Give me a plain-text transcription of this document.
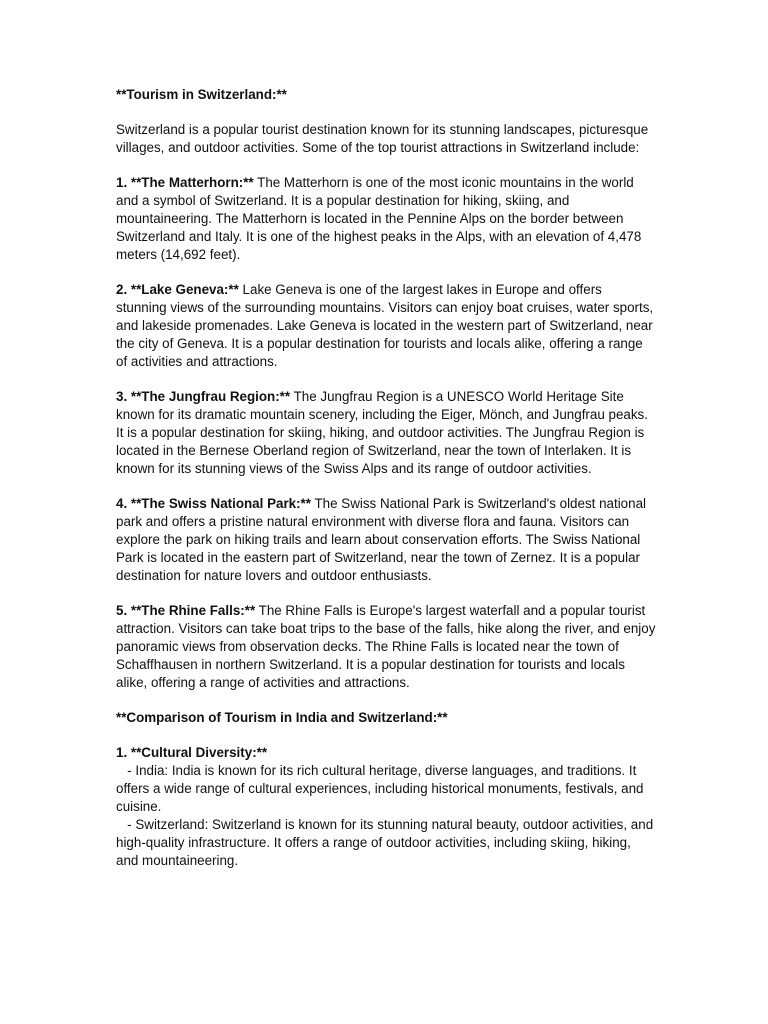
**Tourism in Switzerland:**

Switzerland is a popular tourist destination known for its stunning landscapes, picturesque villages, and outdoor activities. Some of the top tourist attractions in Switzerland include:

1. **The Matterhorn:** The Matterhorn is one of the most iconic mountains in the world and a symbol of Switzerland. It is a popular destination for hiking, skiing, and mountaineering. The Matterhorn is located in the Pennine Alps on the border between Switzerland and Italy. It is one of the highest peaks in the Alps, with an elevation of 4,478 meters (14,692 feet).

2. **Lake Geneva:** Lake Geneva is one of the largest lakes in Europe and offers stunning views of the surrounding mountains. Visitors can enjoy boat cruises, water sports, and lakeside promenades. Lake Geneva is located in the western part of Switzerland, near the city of Geneva. It is a popular destination for tourists and locals alike, offering a range of activities and attractions.

3. **The Jungfrau Region:** The Jungfrau Region is a UNESCO World Heritage Site known for its dramatic mountain scenery, including the Eiger, Mönch, and Jungfrau peaks. It is a popular destination for skiing, hiking, and outdoor activities. The Jungfrau Region is located in the Bernese Oberland region of Switzerland, near the town of Interlaken. It is known for its stunning views of the Swiss Alps and its range of outdoor activities.

4. **The Swiss National Park:** The Swiss National Park is Switzerland's oldest national park and offers a pristine natural environment with diverse flora and fauna. Visitors can explore the park on hiking trails and learn about conservation efforts. The Swiss National Park is located in the eastern part of Switzerland, near the town of Zernez. It is a popular destination for nature lovers and outdoor enthusiasts.

5. **The Rhine Falls:** The Rhine Falls is Europe's largest waterfall and a popular tourist attraction. Visitors can take boat trips to the base of the falls, hike along the river, and enjoy panoramic views from observation decks. The Rhine Falls is located near the town of Schaffhausen in northern Switzerland. It is a popular destination for tourists and locals alike, offering a range of activities and attractions.

**Comparison of Tourism in India and Switzerland:**

1. **Cultural Diversity:**
- India: India is known for its rich cultural heritage, diverse languages, and traditions. It offers a wide range of cultural experiences, including historical monuments, festivals, and cuisine.
- Switzerland: Switzerland is known for its stunning natural beauty, outdoor activities, and high-quality infrastructure. It offers a range of outdoor activities, including skiing, hiking, and mountaineering.
